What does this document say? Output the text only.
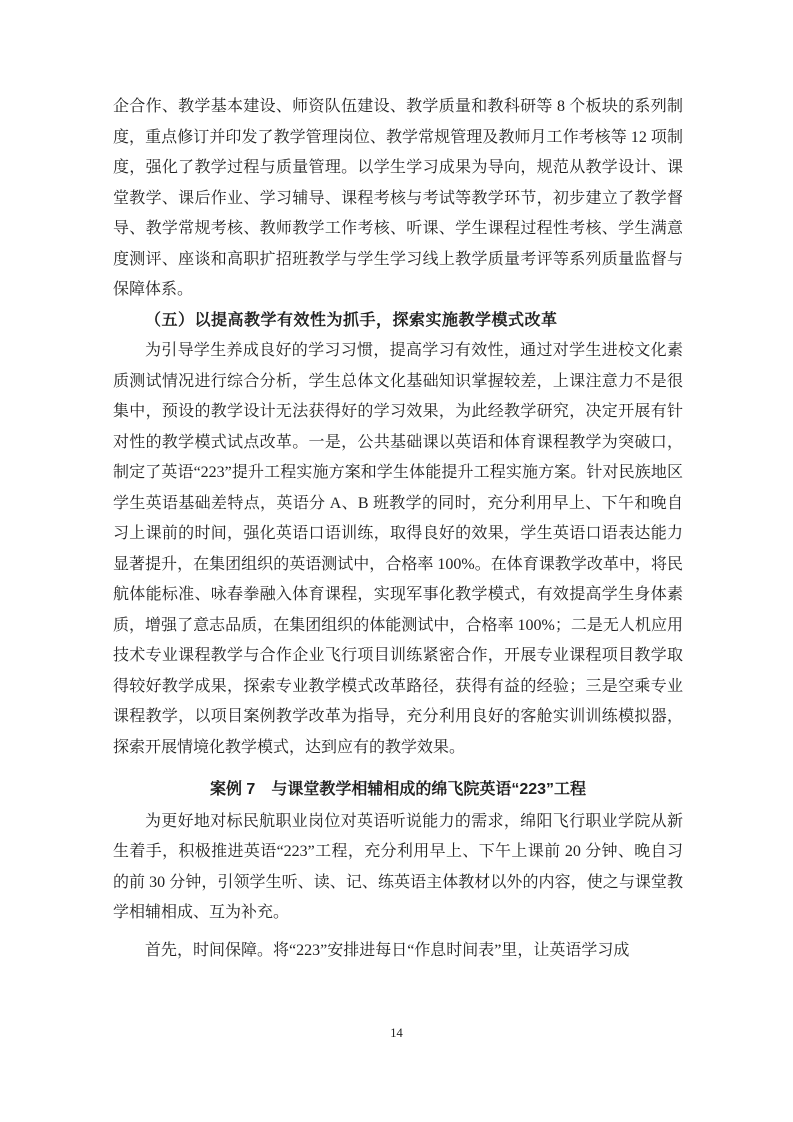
企合作、教学基本建设、师资队伍建设、教学质量和教科研等 8 个板块的系列制度，重点修订并印发了教学管理岗位、教学常规管理及教师月工作考核等 12 项制度，强化了教学过程与质量管理。以学生学习成果为导向，规范从教学设计、课堂教学、课后作业、学习辅导、课程考核与考试等教学环节，初步建立了教学督导、教学常规考核、教师教学工作考核、听课、学生课程过程性考核、学生满意度测评、座谈和高职扩招班教学与学生学习线上教学质量考评等系列质量监督与保障体系。

（五）以提高教学有效性为抓手，探索实施教学模式改革

为引导学生养成良好的学习习惯，提高学习有效性，通过对学生进校文化素质测试情况进行综合分析，学生总体文化基础知识掌握较差，上课注意力不是很集中，预设的教学设计无法获得好的学习效果，为此经教学研究，决定开展有针对性的教学模式试点改革。一是，公共基础课以英语和体育课程教学为突破口，制定了英语“223”提升工程实施方案和学生体能提升工程实施方案。针对民族地区学生英语基础差特点，英语分 A、B 班教学的同时，充分利用早上、下午和晚自习上课前的时间，强化英语口语训练，取得良好的效果，学生英语口语表达能力显著提升，在集团组织的英语测试中，合格率 100%。在体育课教学改革中，将民航体能标准、咏春拳融入体育课程，实现军事化教学模式，有效提高学生身体素质，增强了意志品质，在集团组织的体能测试中，合格率 100%；二是无人机应用技术专业课程教学与合作企业飞行项目训练紧密合作，开展专业课程项目教学取得较好教学成果，探索专业教学模式改革路径，获得有益的经验；三是空乘专业课程教学，以项目案例教学改革为指导，充分利用良好的客舱实训训练模拟器，探索开展情境化教学模式，达到应有的教学效果。

案例 7　与课堂教学相辅相成的绵飞院英语“223”工程

为更好地对标民航职业岗位对英语听说能力的需求，绵阳飞行职业学院从新生着手，积极推进英语“223”工程，充分利用早上、下午上课前 20 分钟、晚自习的前 30 分钟，引领学生听、读、记、练英语主体教材以外的内容，使之与课堂教学相辅相成、互为补充。

首先，时间保障。将“223”安排进每日“作息时间表”里，让英语学习成

14
